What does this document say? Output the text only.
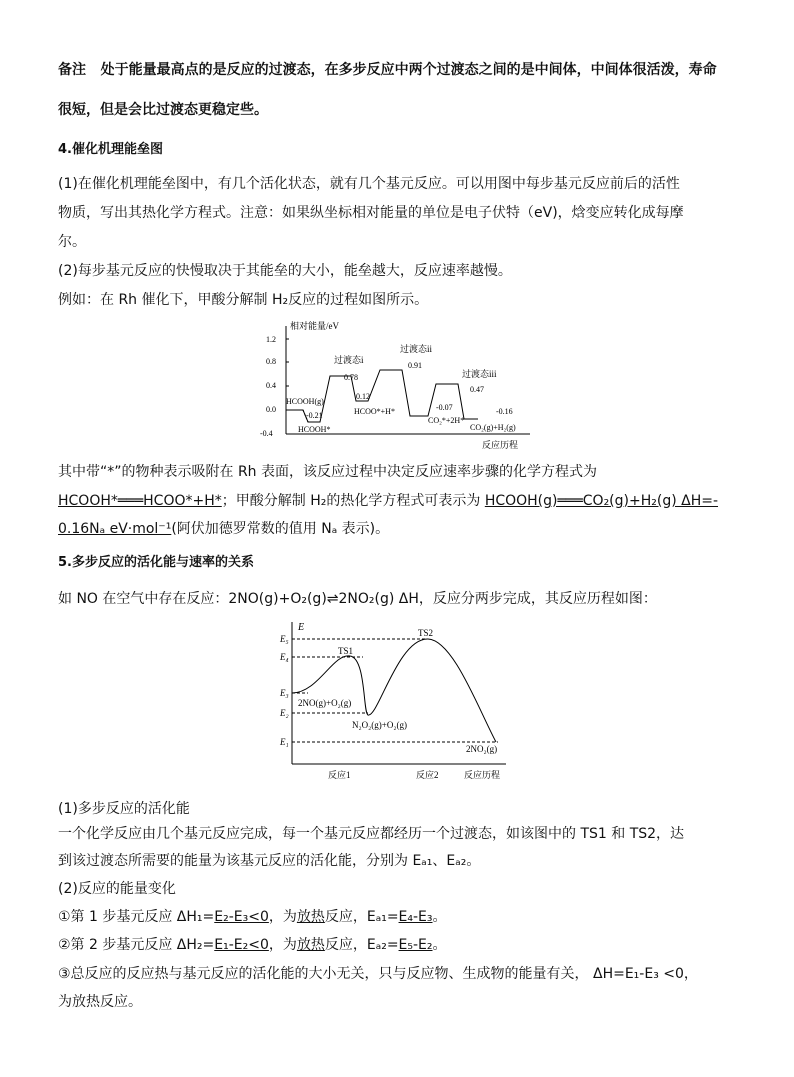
备注 处于能量最高点的是反应的过渡态，在多步反应中两个过渡态之间的是中间体，中间体很活泼，寿命
很短，但是会比过渡态更稳定些。
4.催化机理能垒图
(1)在催化机理能垒图中，有几个活化状态，就有几个基元反应。可以用图中每步基元反应前后的活性
物质，写出其热化学方程式。注意：如果纵坐标相对能量的单位是电子伏特（eV)，焓变应转化成每摩
尔。
(2)每步基元反应的快慢取决于其能垒的大小，能垒越大，反应速率越慢。
例如：在 Rh 催化下，甲酸分解制 H₂反应的过程如图所示。
相对能量/eV
反应历程
1.2
0.8
0.4
0.0
-0.4
过渡态i
过渡态ii
过渡态iii
0.78
0.91
0.47
0.12
-0.07	-0.16
-0.21
HCOOH(g)
HCOOH*
HCOO*+H*
CO₂*+2H*
CO₂(g)+H₂(g)
其中带“*”的物种表示吸附在 Rh 表面，该反应过程中决定反应速率步骤的化学方程式为
HCOOH*═══HCOO*+H*；甲酸分解制 H₂的热化学方程式可表示为 HCOOH(g)═══CO₂(g)+H₂(g) ΔH=-
0.16Nₐ eV·mol⁻¹(阿伏加德罗常数的值用 Nₐ 表示)。
5.多步反应的活化能与速率的关系
如 NO 在空气中存在反应：2NO(g)+O₂(g)⇌2NO₂(g) ΔH，反应分两步完成，其反应历程如图：
E
E₅
E₄
E₃
E₂
E₁
TS1
TS2
2NO(g)+O₂(g)
N₂O₂(g)+O₂(g)
2NO₂(g)
反应1	反应2	反应历程
(1)多步反应的活化能
一个化学反应由几个基元反应完成，每一个基元反应都经历一个过渡态，如该图中的 TS1 和 TS2，达
到该过渡态所需要的能量为该基元反应的活化能，分别为 Eₐ₁、Eₐ₂。
(2)反应的能量变化
①第 1 步基元反应 ΔH₁=E₂-E₃<0，为放热反应，Eₐ₁=E₄-E₃。
②第 2 步基元反应 ΔH₂=E₁-E₂<0，为放热反应，Eₐ₂=E₅-E₂。
③总反应的反应热与基元反应的活化能的大小无关，只与反应物、生成物的能量有关， ΔH=E₁-E₃ <0，
为放热反应。
